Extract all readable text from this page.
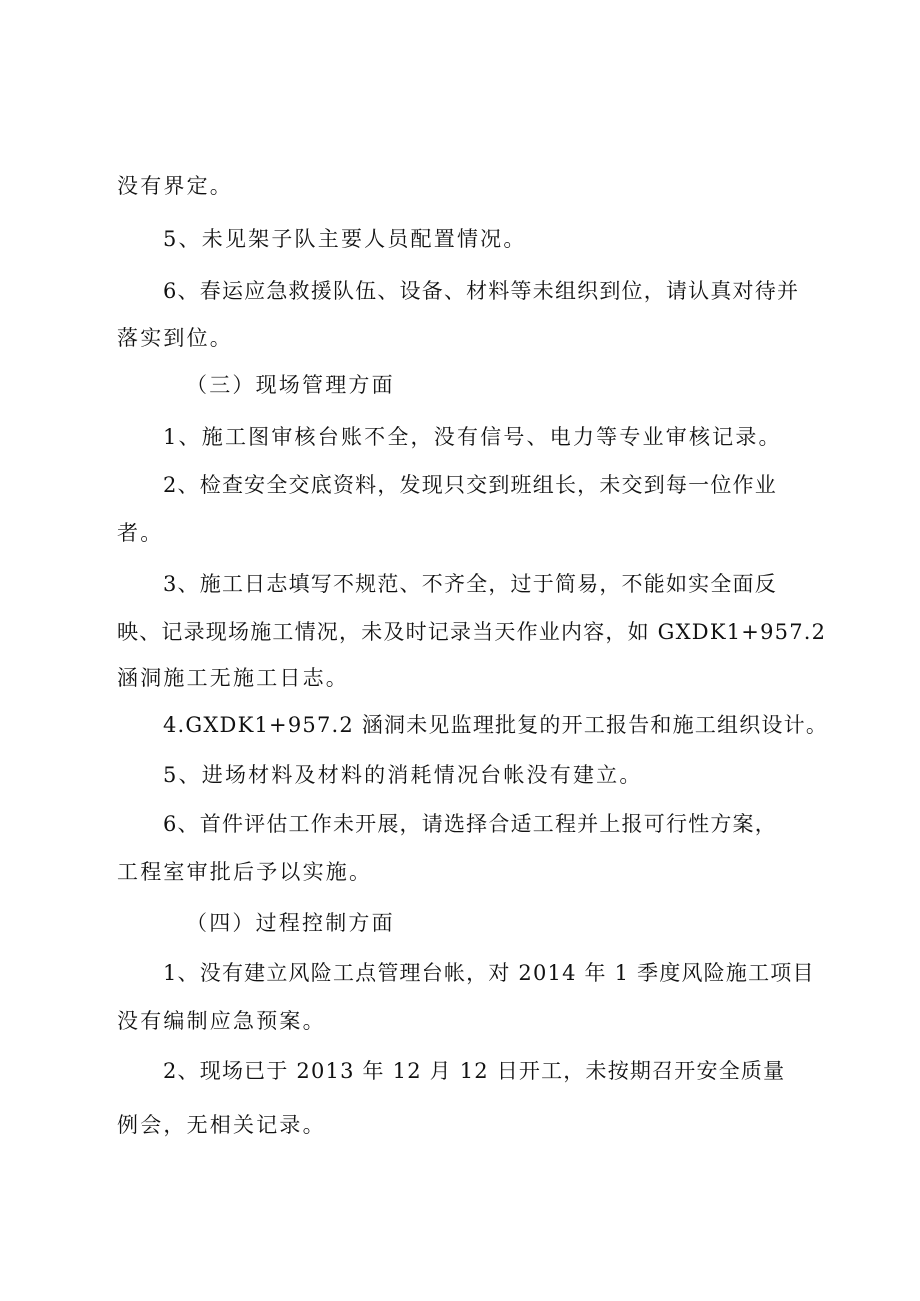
没有界定。
5、未见架子队主要人员配置情况。
6、春运应急救援队伍、设备、材料等未组织到位，请认真对待并
落实到位。
（三）现场管理方面
1、施工图审核台账不全，没有信号、电力等专业审核记录。
2、检查安全交底资料，发现只交到班组长，未交到每一位作业
者。
3、施工日志填写不规范、不齐全，过于简易，不能如实全面反
映、记录现场施工情况，未及时记录当天作业内容，如 GXDK1+957.2
涵洞施工无施工日志。
4.GXDK1+957.2 涵洞未见监理批复的开工报告和施工组织设计。
5、进场材料及材料的消耗情况台帐没有建立。
6、首件评估工作未开展，请选择合适工程并上报可行性方案，
工程室审批后予以实施。
（四）过程控制方面
1、没有建立风险工点管理台帐，对 2014 年 1 季度风险施工项目
没有编制应急预案。
2、现场已于 2013 年 12 月 12 日开工，未按期召开安全质量
例会，无相关记录。
